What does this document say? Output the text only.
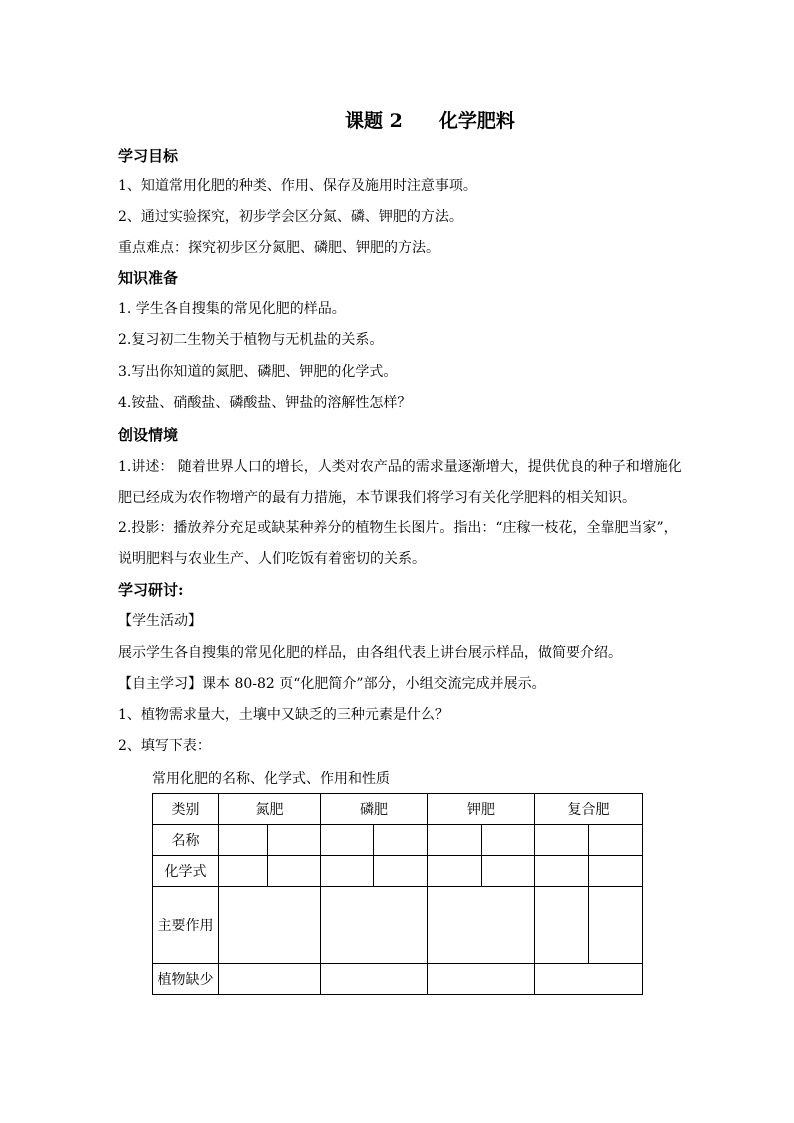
课题 2 化学肥料
学习目标
1、知道常用化肥的种类、作用、保存及施用时注意事项。
2、通过实验探究，初步学会区分氮、磷、钾肥的方法。
重点难点：探究初步区分氮肥、磷肥、钾肥的方法。
知识准备
1. 学生各自搜集的常见化肥的样品。
2.复习初二生物关于植物与无机盐的关系。
3.写出你知道的氮肥、磷肥、钾肥的化学式。
4.铵盐、硝酸盐、磷酸盐、钾盐的溶解性怎样？
创设情境
1.讲述： 随着世界人口的增长，人类对农产品的需求量逐渐增大，提供优良的种子和增施化
肥已经成为农作物增产的最有力措施，本节课我们将学习有关化学肥料的相关知识。
2.投影：播放养分充足或缺某种养分的植物生长图片。指出：“庄稼一枝花，全靠肥当家”，
说明肥料与农业生产、人们吃饭有着密切的关系。
学习研讨:
【学生活动】
展示学生各自搜集的常见化肥的样品，由各组代表上讲台展示样品，做简要介绍。
【自主学习】课本 80-82 页“化肥简介”部分，小组交流完成并展示。
1、植物需求量大，土壤中又缺乏的三种元素是什么？
2、填写下表：
常用化肥的名称、化学式、作用和性质
类别	氮肥		磷肥		钾肥		复合肥	
名称								
化学式								
主要作用								
植物缺少								
